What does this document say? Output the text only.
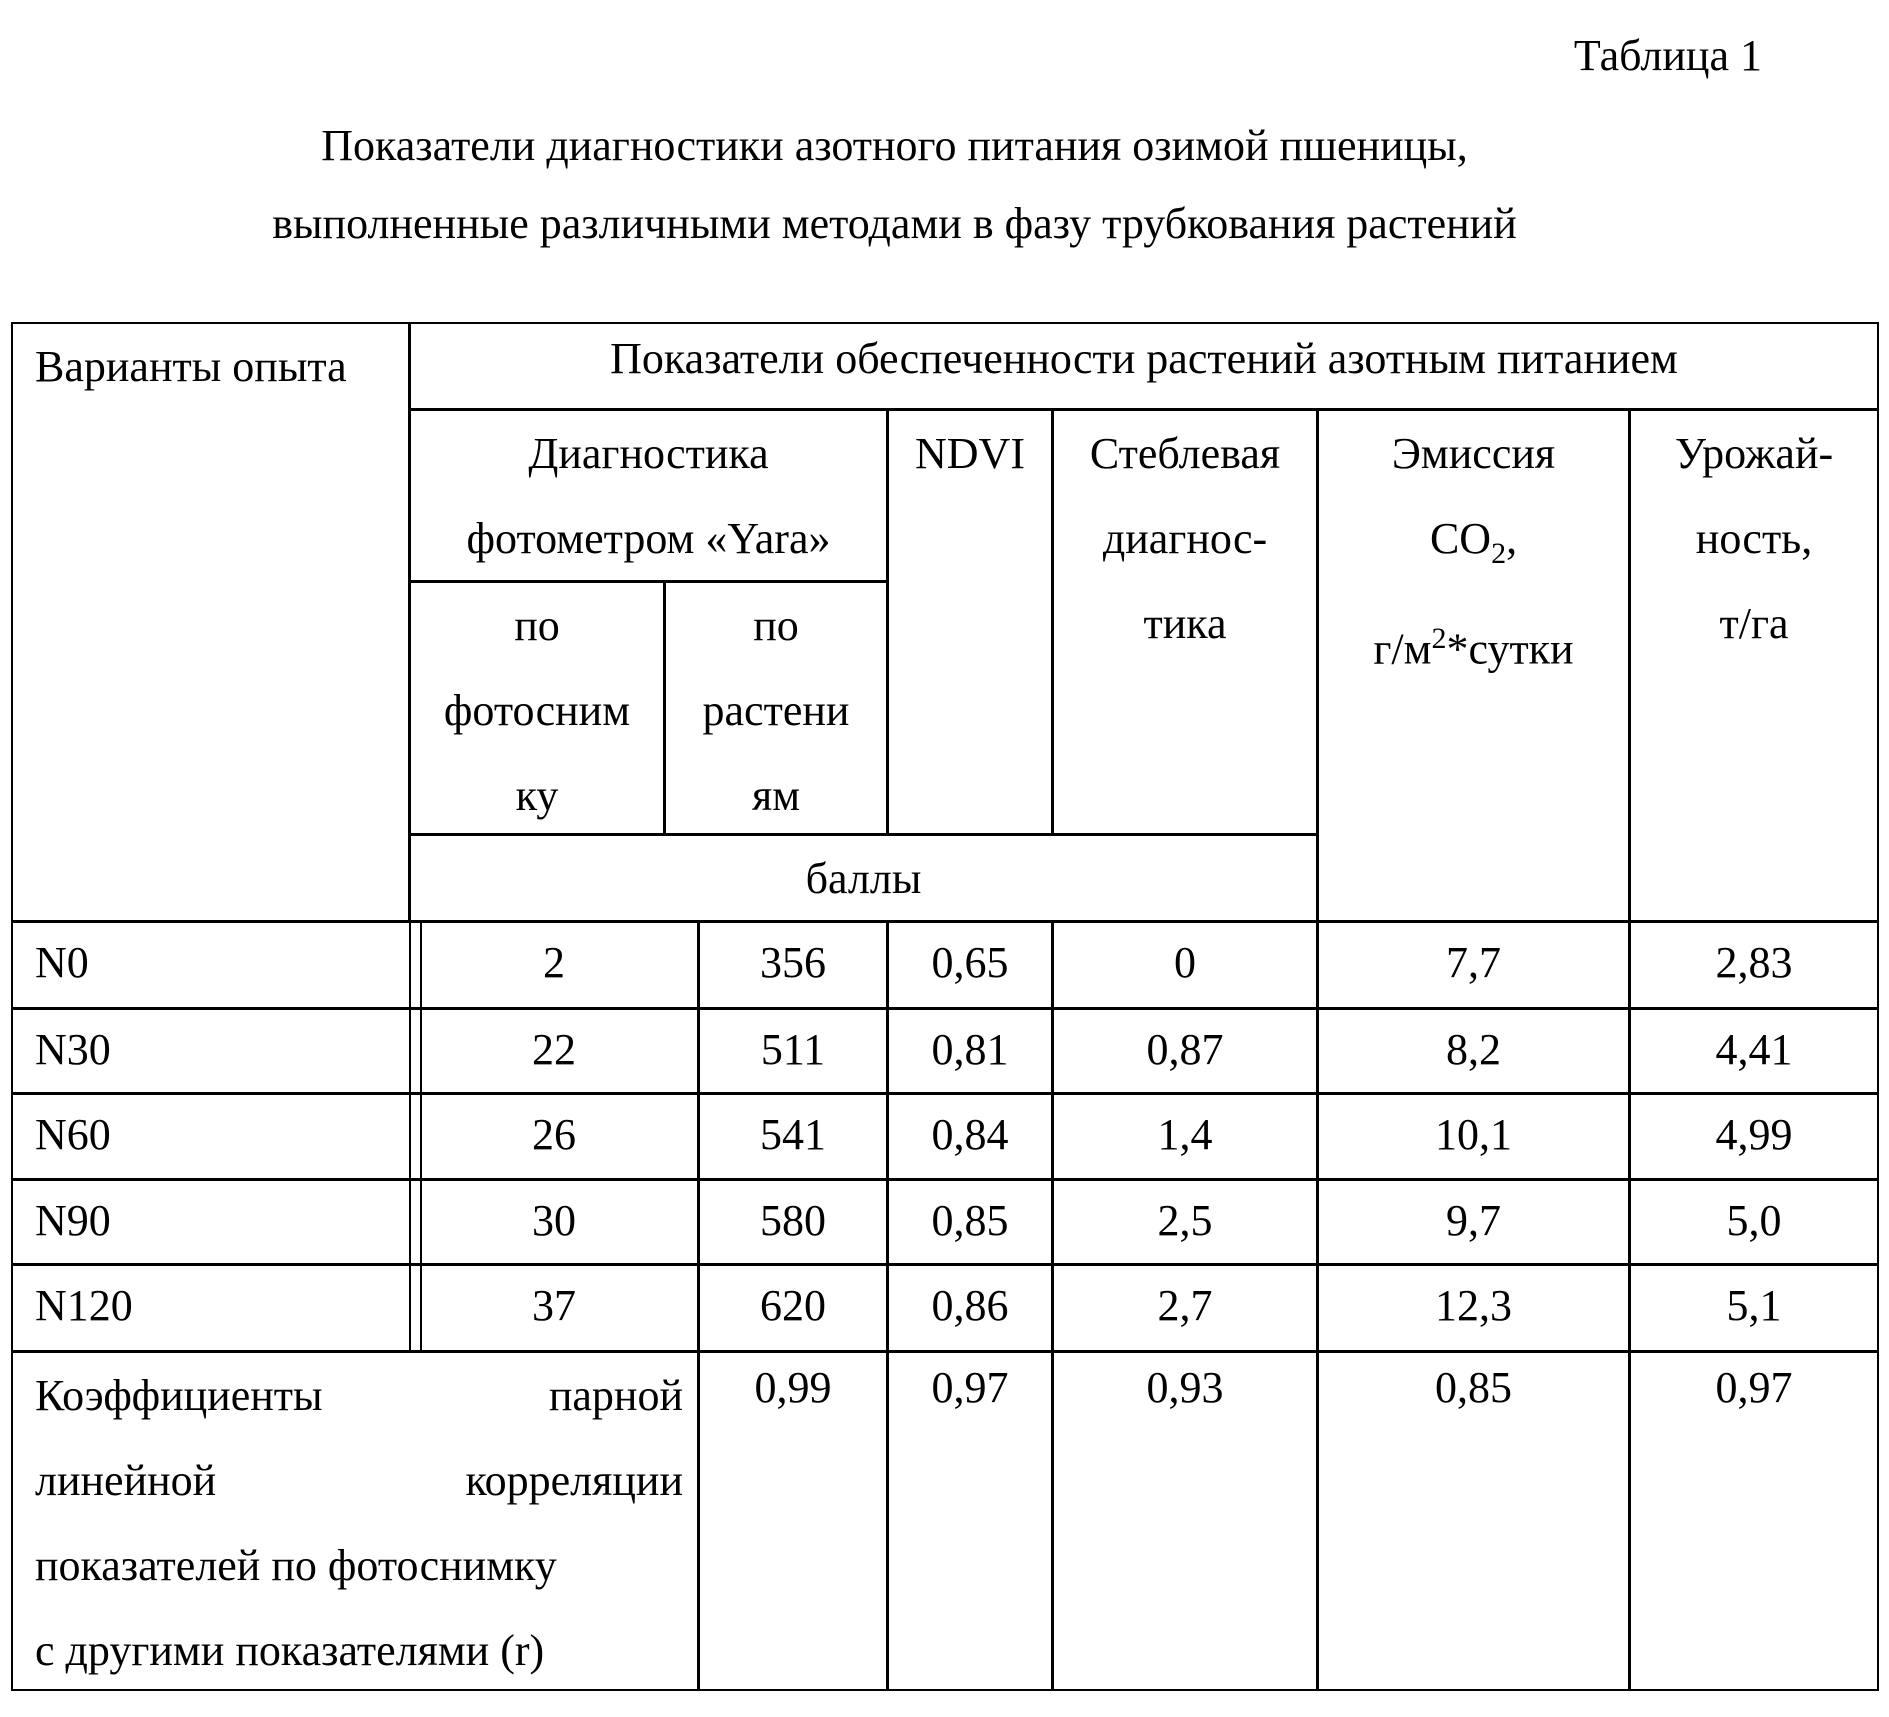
Таблица 1
Показатели диагностики азотного питания озимой пшеницы,
выполненные различными методами в фазу трубкования растений
Варианты опыта	Показатели обеспеченности растений азотным питанием
Диагностика
фотометром «Yara»
по
фотосним
ку
по
растени
ям
NDVI	Стеблевая
диагнос-
тика
Эмиссия
CO2,
г/м2*сутки
Урожай-
ность,
т/га
баллы
Коэффициенты	парной
линейной	корреляции
показателей по фотоснимку
с другими показателями (r)
N0	2	356	0,65	0	7,7	2,83
N30	22	511	0,81	0,87	8,2	4,41
N60	26	541	0,84	1,4	10,1	4,99
N90	30	580	0,85	2,5	9,7	5,0
N120	37	620	0,86	2,7	12,3	5,1
0,99	0,97	0,93	0,85	0,97
